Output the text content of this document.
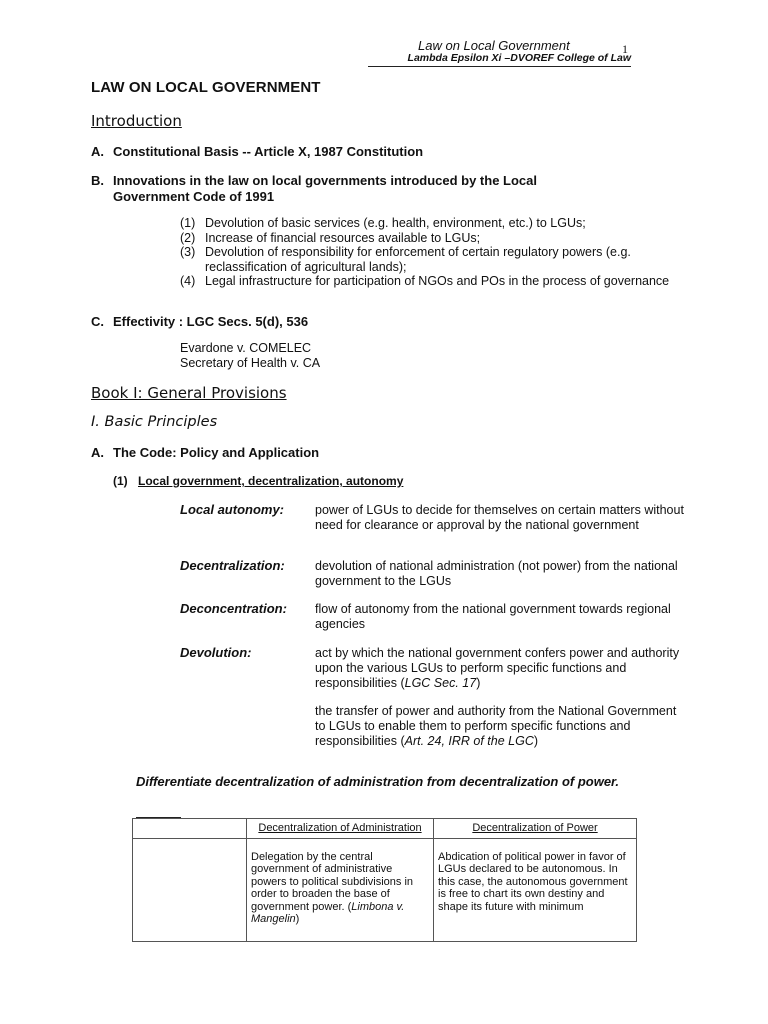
Law on Local Government	1
Lambda Epsilon Xi –DVOREF College of Law
LAW ON LOCAL GOVERNMENT
Introduction
A. Constitutional Basis -- Article X, 1987 Constitution
B. Innovations in the law on local governments introduced by the Local
Government Code of 1991
(1) Devolution of basic services (e.g. health, environment, etc.) to LGUs;
(2) Increase of financial resources available to LGUs;
(3) Devolution of responsibility for enforcement of certain regulatory powers (e.g. reclassification of agricultural lands);
(4) Legal infrastructure for participation of NGOs and POs in the process of governance
C. Effectivity : LGC Secs. 5(d), 536
Evardone v. COMELEC
Secretary of Health v. CA
Book I: General Provisions
I. Basic Principles
A. The Code: Policy and Application
(1) Local government, decentralization, autonomy
Local autonomy: power of LGUs to decide for themselves on certain matters without need for clearance or approval by the national government
Decentralization: devolution of national administration (not power) from the national government to the LGUs
Deconcentration: flow of autonomy from the national government towards regional agencies
Devolution:	act by which the national government confers power and authority upon the various LGUs to perform specific functions and responsibilities (LGC Sec. 17)
the transfer of power and authority from the National Government to LGUs to enable them to perform specific functions and responsibilities (Art. 24, IRR of the LGC)
Differentiate decentralization of administration from decentralization of power.
	Decentralization of Administration	Decentralization of Power
	Delegation by the central government of administrative powers to political subdivisions in order to broaden the base of government power. (Limbona v. Mangelin)	Abdication of political power in favor of LGUs declared to be autonomous. In this case, the autonomous government is free to chart its own destiny and shape its future with minimum
